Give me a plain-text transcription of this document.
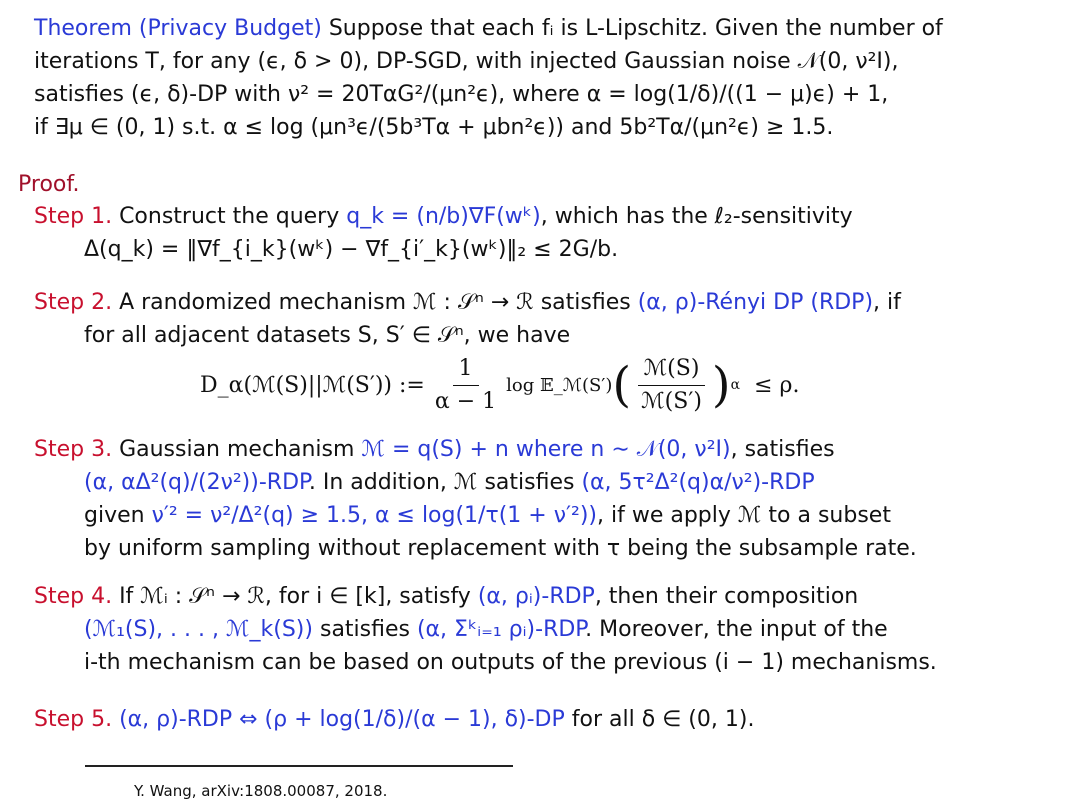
Theorem (Privacy Budget) Suppose that each fᵢ is L-Lipschitz. Given the number of
iterations T, for any (ϵ, δ > 0), DP-SGD, with injected Gaussian noise 𝒩(0, ν²I),
satisfies (ϵ, δ)-DP with ν² = 20TαG²/(μn²ϵ), where α = log(1/δ)/((1 − μ)ϵ) + 1,
if ∃μ ∈ (0, 1) s.t. α ≤ log (μn³ϵ/(5b³Tα + μbn²ϵ)) and 5b²Tα/(μn²ϵ) ≥ 1.5.
Proof.
Step 1. Construct the query q_k = (n/b)∇F(wᵏ), which has the ℓ₂-sensitivity
Δ(q_k) = ‖∇f_{i_k}(wᵏ) − ∇f_{i′_k}(wᵏ)‖₂ ≤ 2G/b.
Step 2. A randomized mechanism ℳ : 𝒮ⁿ → ℛ satisfies (α, ρ)-Rényi DP (RDP), if
for all adjacent datasets S, S′ ∈ 𝒮ⁿ, we have
D_α(ℳ(S)||ℳ(S′)) := $\frac{1}{\alpha - 1}$ log 𝔼_ℳ(S′) ( $\frac{\text{ℳ(S)}}{\text{ℳ(S′)}}$ ) α ≤ ρ.
Step 3. Gaussian mechanism ℳ = q(S) + n where n ∼ 𝒩(0, ν²I), satisfies
(α, αΔ²(q)/(2ν²))-RDP. In addition, ℳ satisfies (α, 5τ²Δ²(q)α/ν²)-RDP
given ν′² = ν²/Δ²(q) ≥ 1.5, α ≤ log(1/τ(1 + ν′²)), if we apply ℳ to a subset
by uniform sampling without replacement with τ being the subsample rate.
Step 4. If ℳᵢ : 𝒮ⁿ → ℛ, for i ∈ [k], satisfy (α, ρᵢ)-RDP, then their composition
(ℳ₁(S), . . . , ℳ_k(S)) satisfies (α, Σᵏᵢ₌₁ ρᵢ)-RDP. Moreover, the input of the
i-th mechanism can be based on outputs of the previous (i − 1) mechanisms.
Step 5. (α, ρ)-RDP ⇔ (ρ + log(1/δ)/(α − 1), δ)-DP for all δ ∈ (0, 1).
Y. Wang, arXiv:1808.00087, 2018.
